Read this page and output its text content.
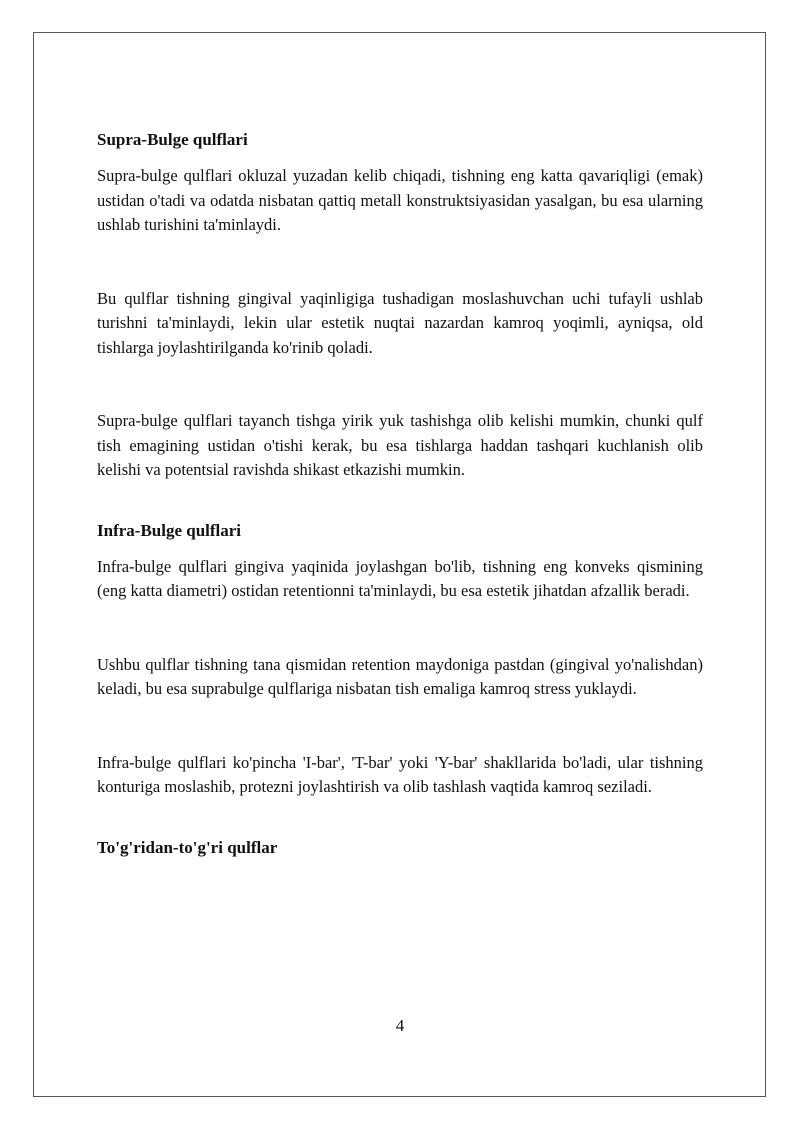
Supra-Bulge qulflari

Supra-bulge qulflari okluzal yuzadan kelib chiqadi, tishning eng katta qavariqligi (emak) ustidan o'tadi va odatda nisbatan qattiq metall konstruktsiyasidan yasalgan, bu esa ularning ushlab turishini ta'minlaydi.

Bu qulflar tishning gingival yaqinligiga tushadigan moslashuvchan uchi tufayli ushlab turishni ta'minlaydi, lekin ular estetik nuqtai nazardan kamroq yoqimli, ayniqsa, old tishlarga joylashtirilganda ko'rinib qoladi.

Supra-bulge qulflari tayanch tishga yirik yuk tashishga olib kelishi mumkin, chunki qulf tish emagining ustidan o'tishi kerak, bu esa tishlarga haddan tashqari kuchlanish olib kelishi va potentsial ravishda shikast etkazishi mumkin.

Infra-Bulge qulflari

Infra-bulge qulflari gingiva yaqinida joylashgan bo'lib, tishning eng konveks qismining (eng katta diametri) ostidan retentionni ta'minlaydi, bu esa estetik jihatdan afzallik beradi.

Ushbu qulflar tishning tana qismidan retention maydoniga pastdan (gingival yo'nalishdan) keladi, bu esa suprabulge qulflariga nisbatan tish emaliga kamroq stress yuklaydi.

Infra-bulge qulflari ko'pincha 'I-bar', 'T-bar' yoki 'Y-bar' shakllarida bo'ladi, ular tishning konturiga moslashib, protezni joylashtirish va olib tashlash vaqtida kamroq seziladi.

To'g'ridan-to'g'ri qulflar
4
